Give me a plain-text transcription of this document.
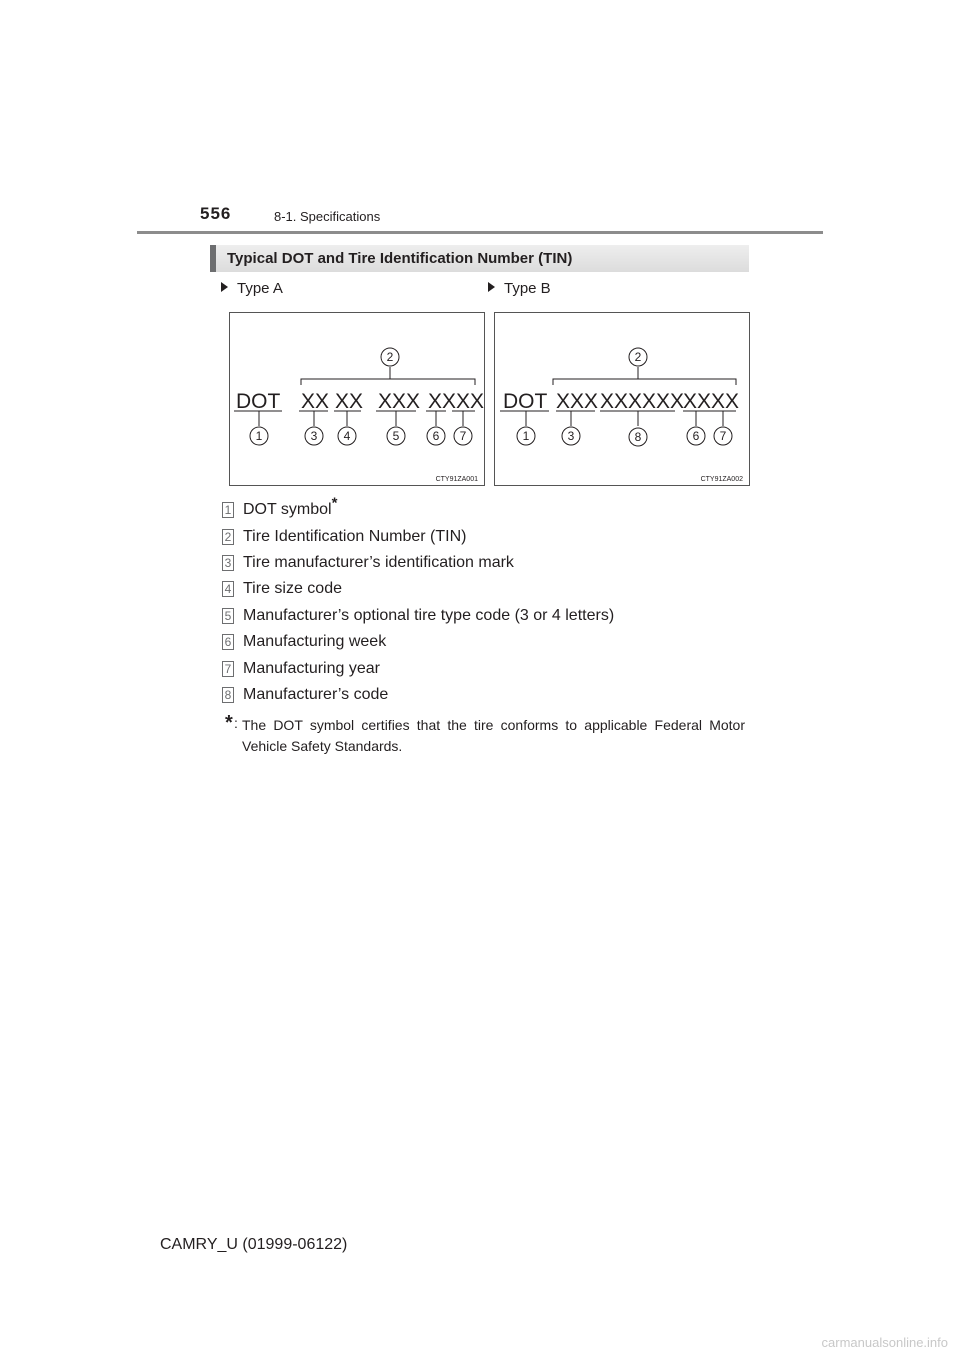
556	8-1. Specifications
Typical DOT and Tire Identification Number (TIN)
Type A	Type B
DOT XX XX XXX XXXX
2
1	3 4	5	6 7
CTY91ZA001
DOT XXX XXXXXX
XXXX
2
1	3	8	6 7
CTY91ZA002
1 DOT symbol*
2 Tire Identification Number (TIN)
3 Tire manufacturer’s identification mark
4 Tire size code
5 Manufacturer’s optional tire type code (3 or 4 letters)
6 Manufacturing week
7 Manufacturing year
8 Manufacturer’s code
* : The DOT symbol certifies that the tire conforms to applicable Federal Motor Vehicle Safety Standards.
CAMRY_U (01999-06122)
carmanualsonline.info
